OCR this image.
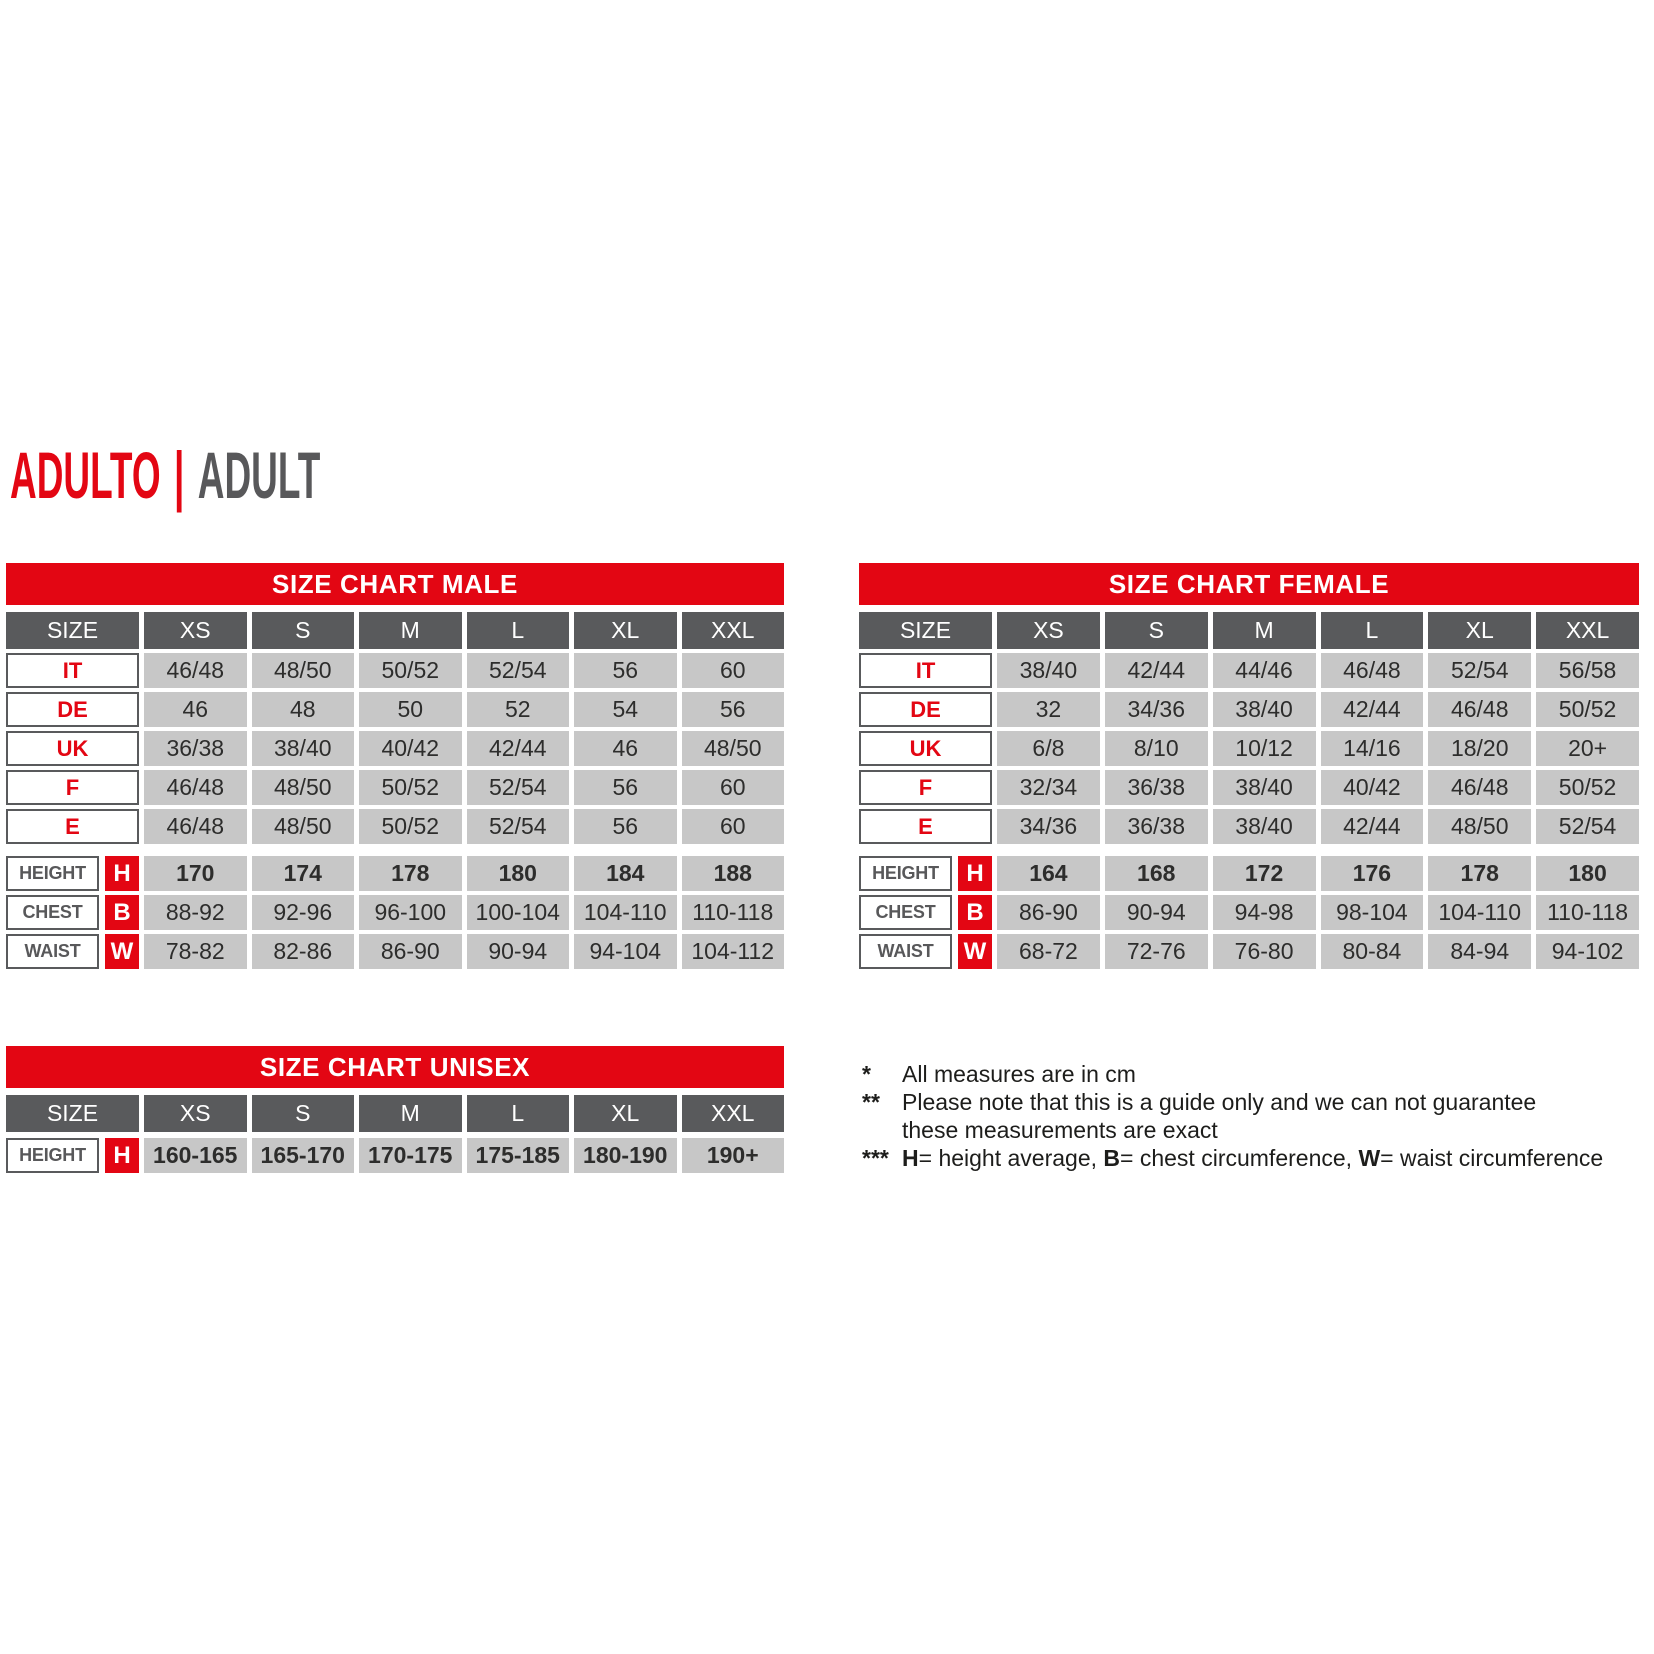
ADULTO | ADULT
SIZE CHART MALE
SIZE	XS	S	M	L	XL	XXL
IT	46/48	48/50	50/52	52/54	56	60
DE	46	48	50	52	54	56
UK	36/38	38/40	40/42	42/44	46	48/50
F	46/48	48/50	50/52	52/54	56	60
E	46/48	48/50	50/52	52/54	56	60
HEIGHT	H	170	174	178	180	184	188
CHEST	B	88-92	92-96	96-100	100-104	104-110	110-118
WAIST	W	78-82	82-86	86-90	90-94	94-104	104-112
SIZE CHART FEMALE
SIZE	XS	S	M	L	XL	XXL
IT	38/40	42/44	44/46	46/48	52/54	56/58
DE	32	34/36	38/40	42/44	46/48	50/52
UK	6/8	8/10	10/12	14/16	18/20	20+
F	32/34	36/38	38/40	40/42	46/48	50/52
E	34/36	36/38	38/40	42/44	48/50	52/54
HEIGHT	H	164	168	172	176	178	180
CHEST	B	86-90	90-94	94-98	98-104	104-110	110-118
WAIST	W	68-72	72-76	76-80	80-84	84-94	94-102
SIZE CHART UNISEX
SIZE	XS	S	M	L	XL	XXL
HEIGHT	H 160-165	165-170	170-175	175-185	180-190	190+
*	All measures are in cm
** Please note that this is a guide only and we can not guarantee
these measurements are exact
*** H= height average, B= chest circumference, W= waist circumference
